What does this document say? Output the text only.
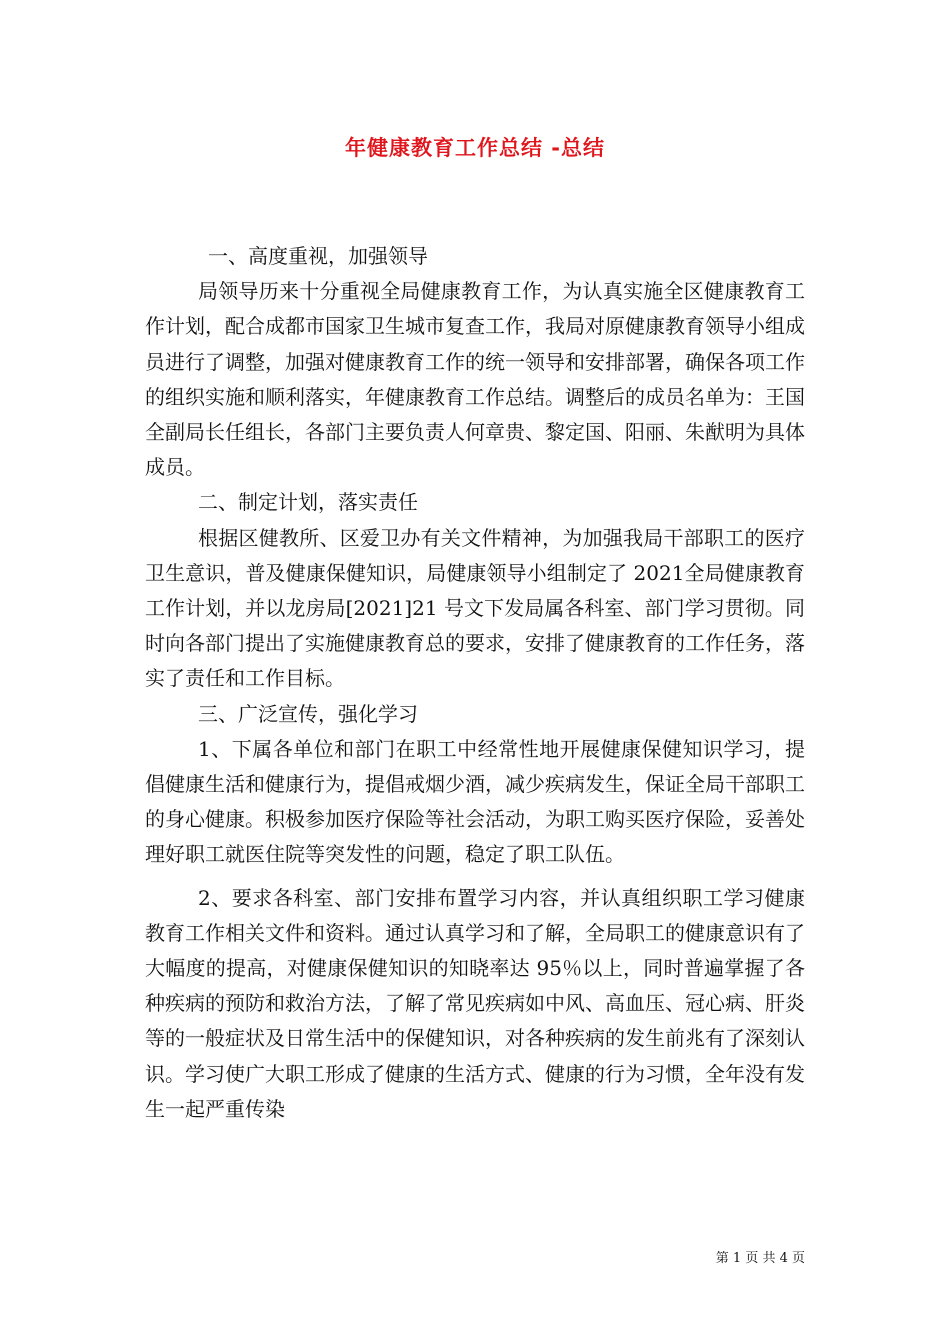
年健康教育工作总结 -总结

一、高度重视，加强领导

局领导历来十分重视全局健康教育工作，为认真实施全区健康教育工作计划，配合成都市国家卫生城市复查工作，我局对原健康教育领导小组成员进行了调整，加强对健康教育工作的统一领导和安排部署，确保各项工作的组织实施和顺利落实，年健康教育工作总结。调整后的成员名单为：王国全副局长任组长，各部门主要负责人何章贵、黎定国、阳丽、朱猷明为具体成员。

二、制定计划，落实责任

根据区健教所、区爱卫办有关文件精神，为加强我局干部职工的医疗卫生意识，普及健康保健知识，局健康领导小组制定了 2021全局健康教育工作计划，并以龙房局[2021]21 号文下发局属各科室、部门学习贯彻。同时向各部门提出了实施健康教育总的要求，安排了健康教育的工作任务，落实了责任和工作目标。

三、广泛宣传，强化学习

1、下属各单位和部门在职工中经常性地开展健康保健知识学习，提倡健康生活和健康行为，提倡戒烟少酒，减少疾病发生，保证全局干部职工的身心健康。积极参加医疗保险等社会活动，为职工购买医疗保险，妥善处理好职工就医住院等突发性的问题，稳定了职工队伍。

2、要求各科室、部门安排布置学习内容，并认真组织职工学习健康教育工作相关文件和资料。通过认真学习和了解，全局职工的健康意识有了大幅度的提高，对健康保健知识的知晓率达 95％以上，同时普遍掌握了各种疾病的预防和救治方法，了解了常见疾病如中风、高血压、冠心病、肝炎等的一般症状及日常生活中的保健知识，对各种疾病的发生前兆有了深刻认识。学习使广大职工形成了健康的生活方式、健康的行为习惯，全年没有发生一起严重传染

第 1 页 共 4 页
